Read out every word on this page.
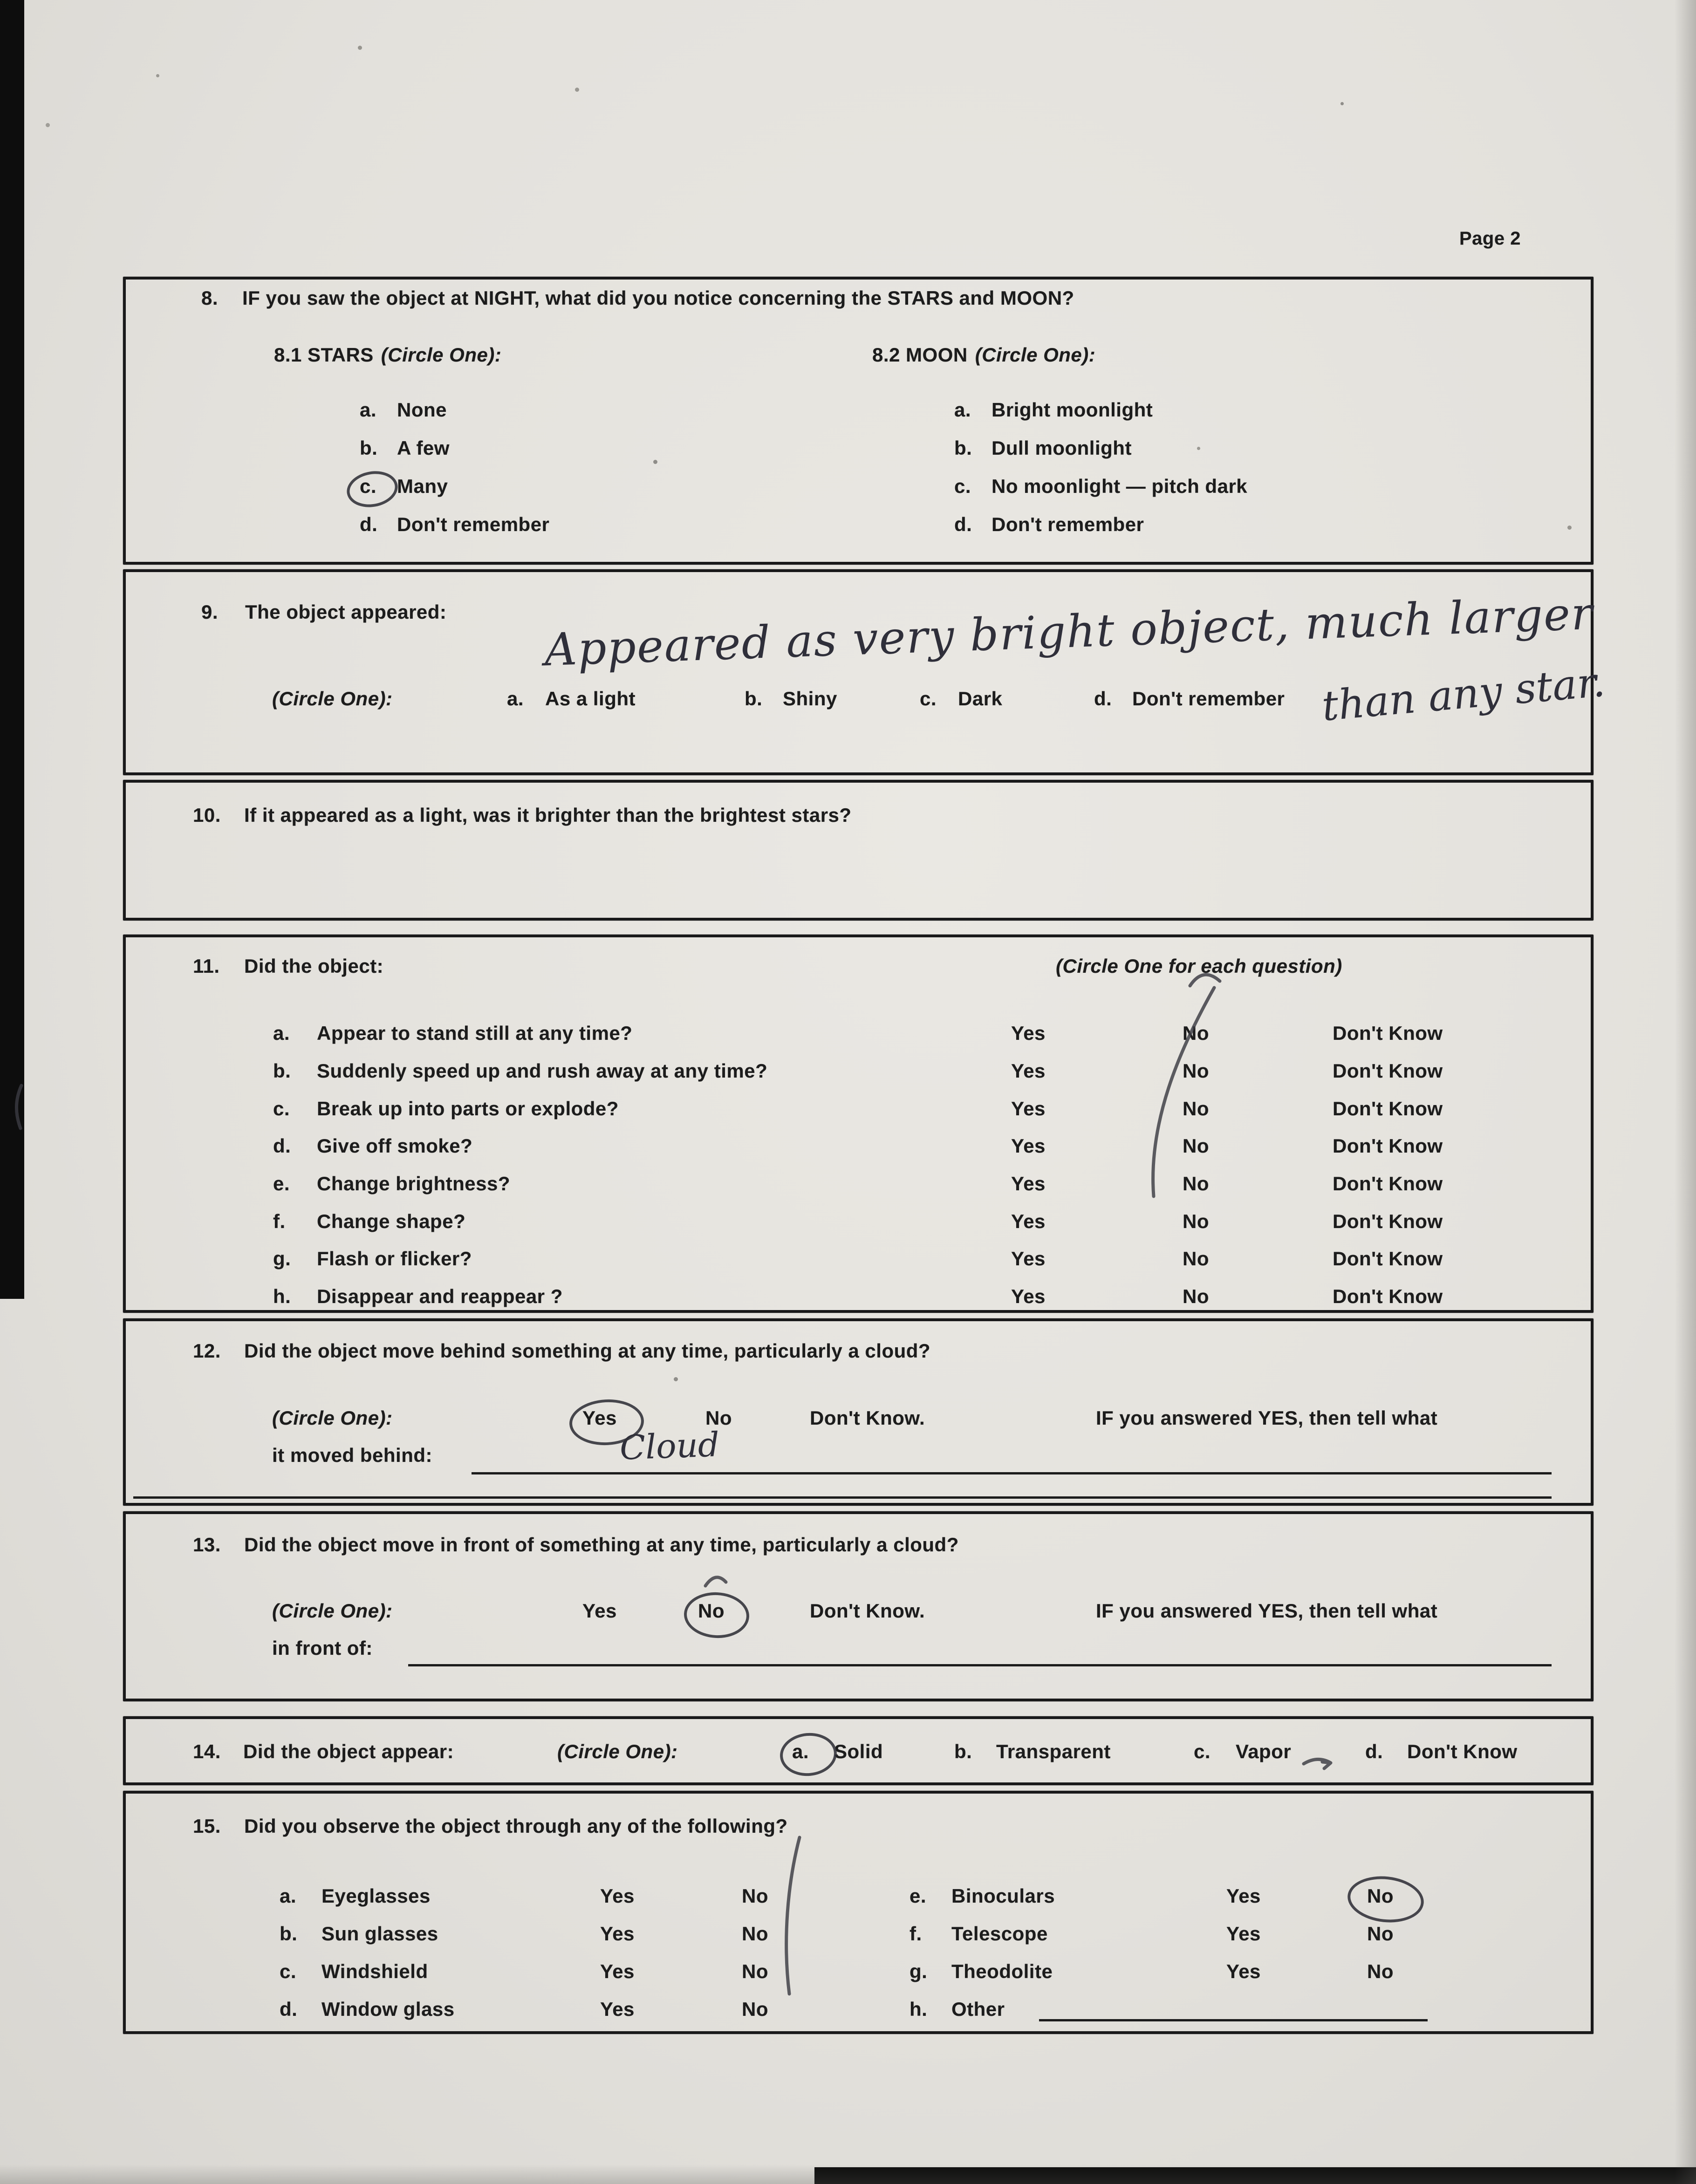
Page 2
8. IF you saw the object at NIGHT, what did you notice concerning the STARS and MOON?
8.1 STARS (Circle One):	8.2 MOON (Circle One):
a. None	a. Bright moonlight
b. A few	b. Dull moonlight
c. Many	c. No moonlight — pitch dark
d. Don't remember	d. Don't remember
9. The object appeared: Appeared as very bright object, much larger
than any star.
(Circle One):	a. As a light	b. Shiny	c. Dark	d. Don't remember
10. If it appeared as a light, was it brighter than the brightest stars?
11. Did the object:	(Circle One for each question)
a. Appear to stand still at any time?	Yes	No	Don't Know
b. Suddenly speed up and rush away at any time?	Yes	No	Don't Know
c. Break up into parts or explode?	Yes	No	Don't Know
d. Give off smoke?	Yes	No	Don't Know
e. Change brightness?	Yes	No	Don't Know
f. Change shape?	Yes	No	Don't Know
g. Flash or flicker?	Yes	No	Don't Know
h. Disappear and reappear ?	Yes	No	Don't Know
12. Did the object move behind something at any time, particularly a cloud?
(Circle One):	Yes	No	Don't Know.	IF you answered YES, then tell what
it moved behind:	Cloud
13. Did the object move in front of something at any time, particularly a cloud?
(Circle One):	Yes	No	Don't Know.	IF you answered YES, then tell what
in front of:
14. Did the object appear:	(Circle One):	a. Solid	b. Transparent	c. Vapor	d. Don't Know
15. Did you observe the object through any of the following?
a. Eyeglasses	Yes	No	e. Binoculars	Yes	No
b. Sun glasses	Yes	No	f. Telescope	Yes	No
c. Windshield	Yes	No	g. Theodolite	Yes	No
d. Window glass	Yes	No	h. Other
